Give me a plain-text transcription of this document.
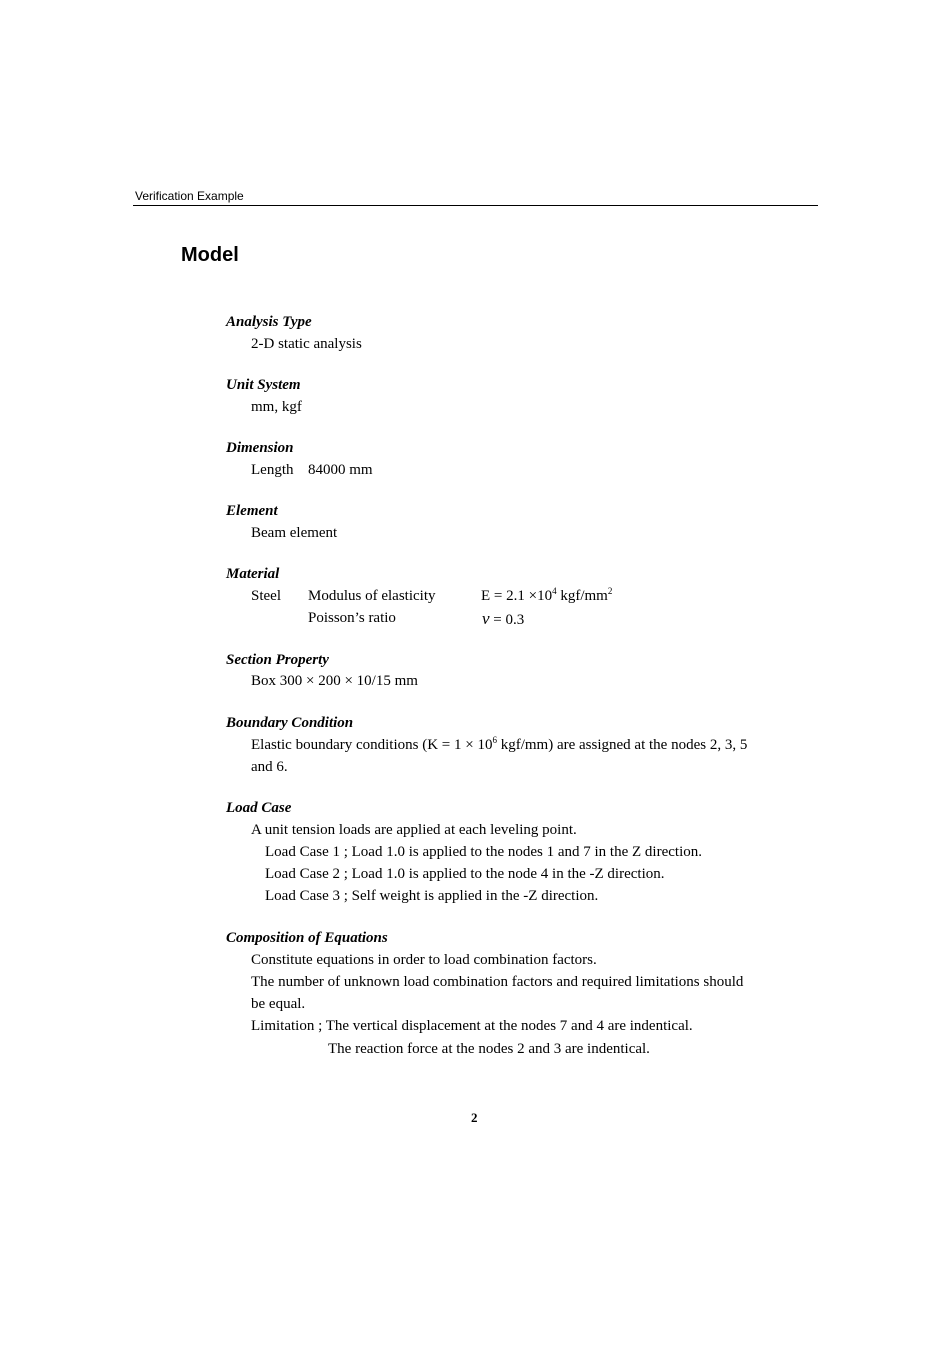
Verification Example
Model
Analysis Type
2-D static analysis
Unit System
mm, kgf
Dimension
Length 84000 mm
Element
Beam element
Material
Steel Modulus of elasticity	$E = 2.1 \times 10^4$ kgf/$mm^2$
Poisson’s ratio	ν = 0.3
Section Property
Box 300 × 200 × 10/15 mm
Boundary Condition
Elastic boundary conditions ($K = 1 \times 10^6$ kgf/mm) are assigned at the nodes 2, 3, 5
and 6.
Load Case
A unit tension loads are applied at each leveling point.
Load Case 1 ; Load 1.0 is applied to the nodes 1 and 7 in the Z direction.
Load Case 2 ; Load 1.0 is applied to the node 4 in the -Z direction.
Load Case 3 ; Self weight is applied in the -Z direction.
Composition of Equations
Constitute equations in order to load combination factors.
The number of unknown load combination factors and required limitations should
be equal.
Limitation ; The vertical displacement at the nodes 7 and 4 are indentical.
The reaction force at the nodes 2 and 3 are indentical.
2
